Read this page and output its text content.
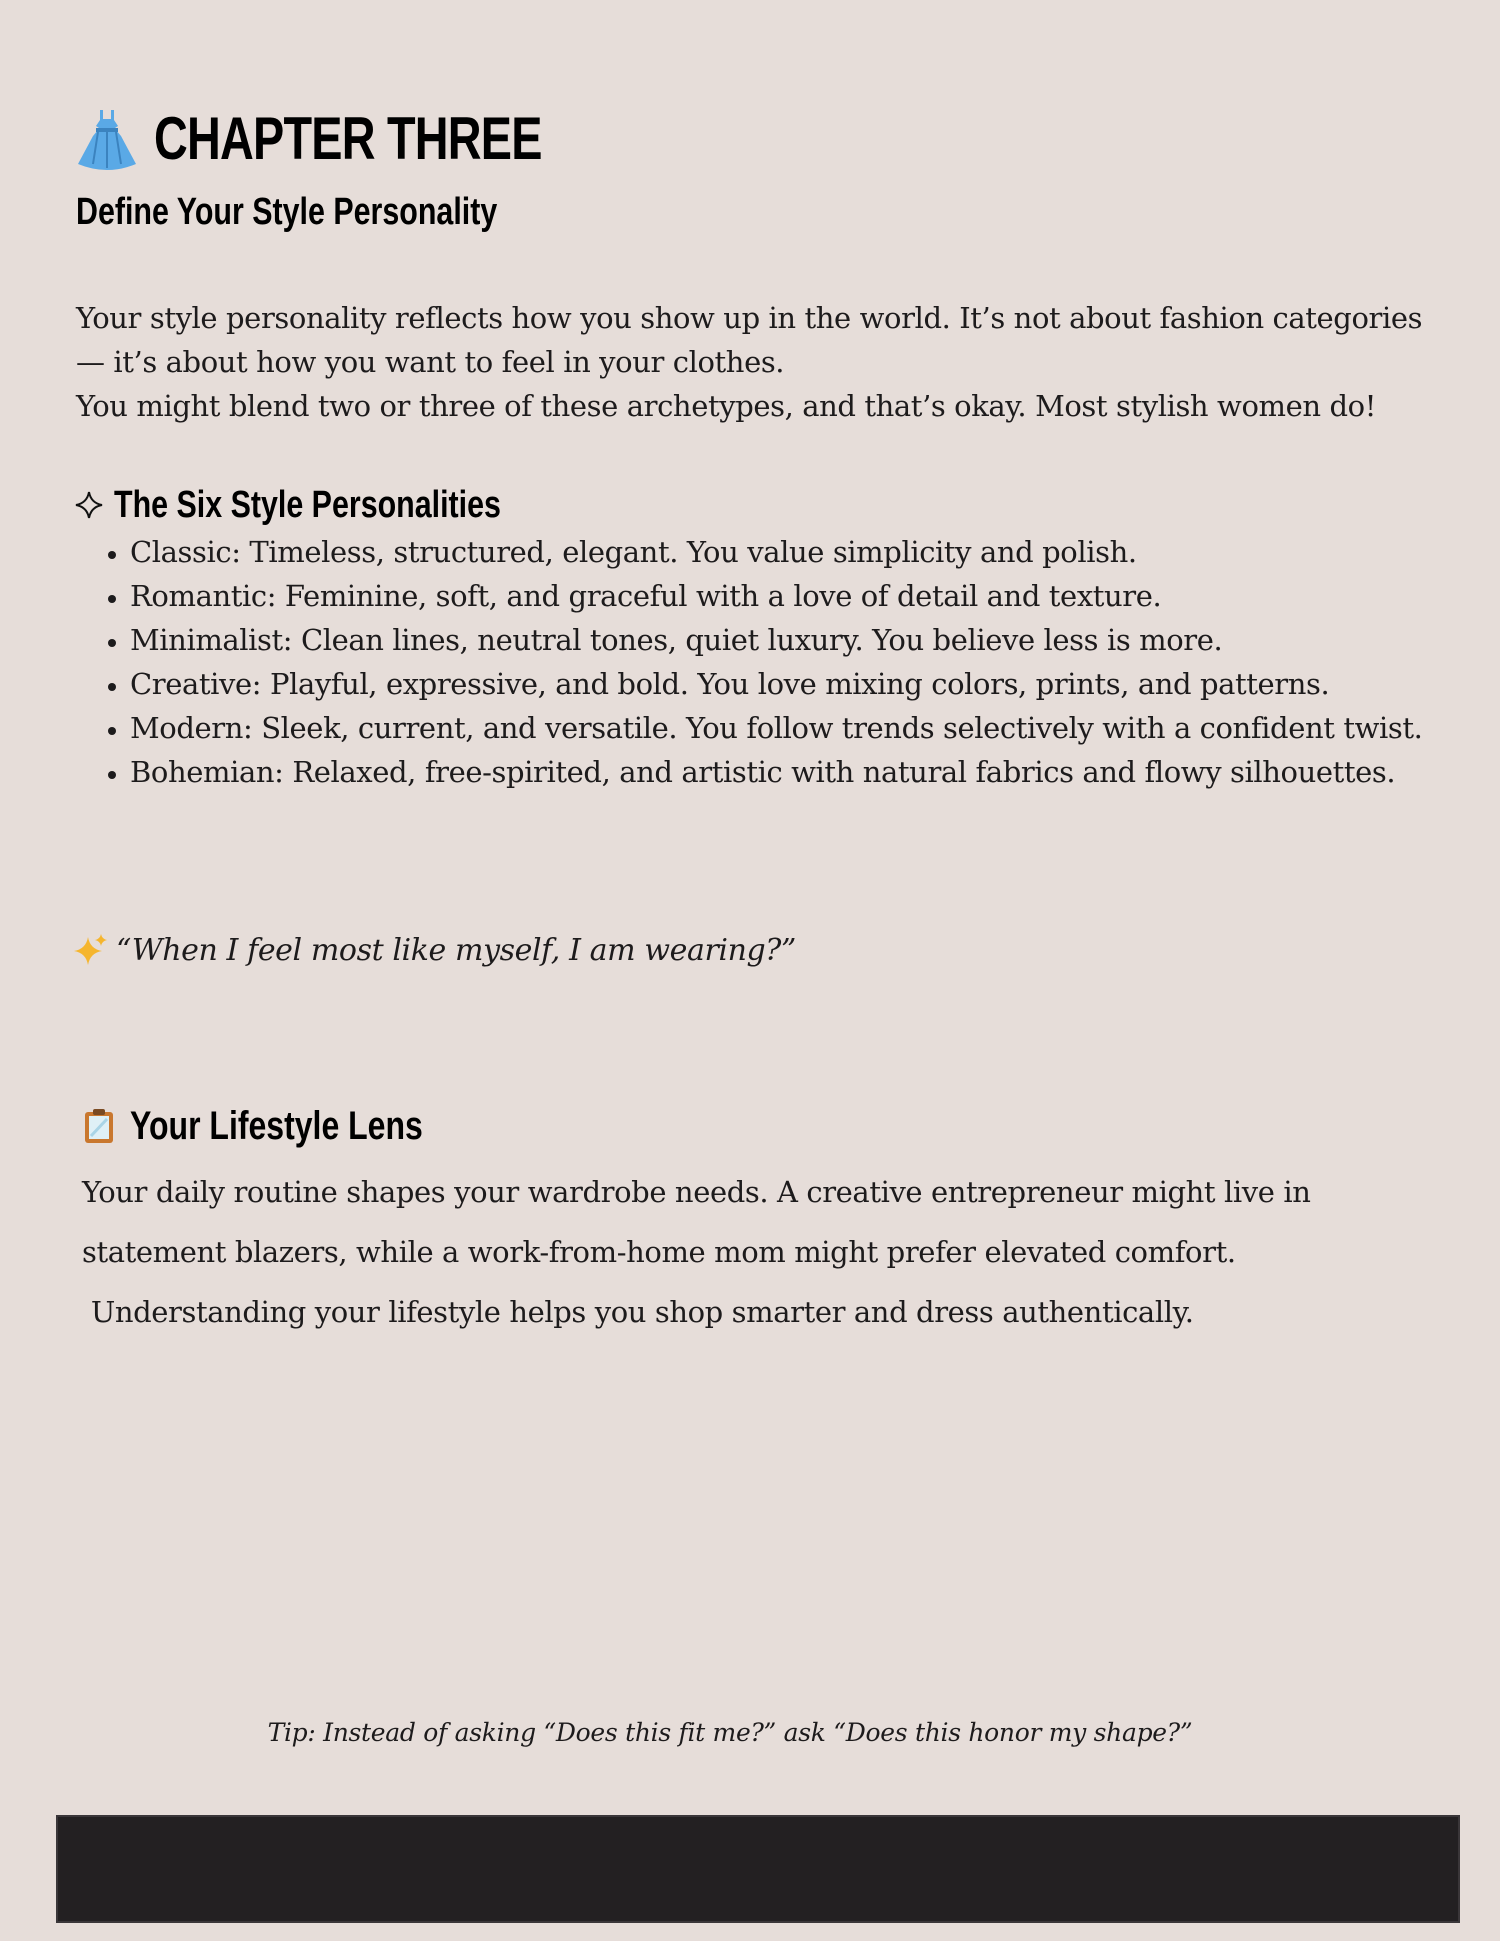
CHAPTER THREE
Define Your Style Personality

Your style personality reflects how you show up in the world. It’s not about fashion categories — it’s about how you want to feel in your clothes.

You might blend two or three of these archetypes, and that’s okay. Most stylish women do!

The Six Style Personalities
• Classic: Timeless, structured, elegant. You value simplicity and polish.
• Romantic: Feminine, soft, and graceful with a love of detail and texture.
• Minimalist: Clean lines, neutral tones, quiet luxury. You believe less is more.
• Creative: Playful, expressive, and bold. You love mixing colors, prints, and patterns.
• Modern: Sleek, current, and versatile. You follow trends selectively with a confident twist.
• Bohemian: Relaxed, free-spirited, and artistic with natural fabrics and flowy silhouettes.
“When I feel most like myself, I am wearing?”
Your Lifestyle Lens

Your daily routine shapes your wardrobe needs. A creative entrepreneur might live in

statement blazers, while a work-from-home mom might prefer elevated comfort.

Understanding your lifestyle helps you shop smarter and dress authentically.

Tip: Instead of asking “Does this fit me?” ask “Does this honor my shape?”
